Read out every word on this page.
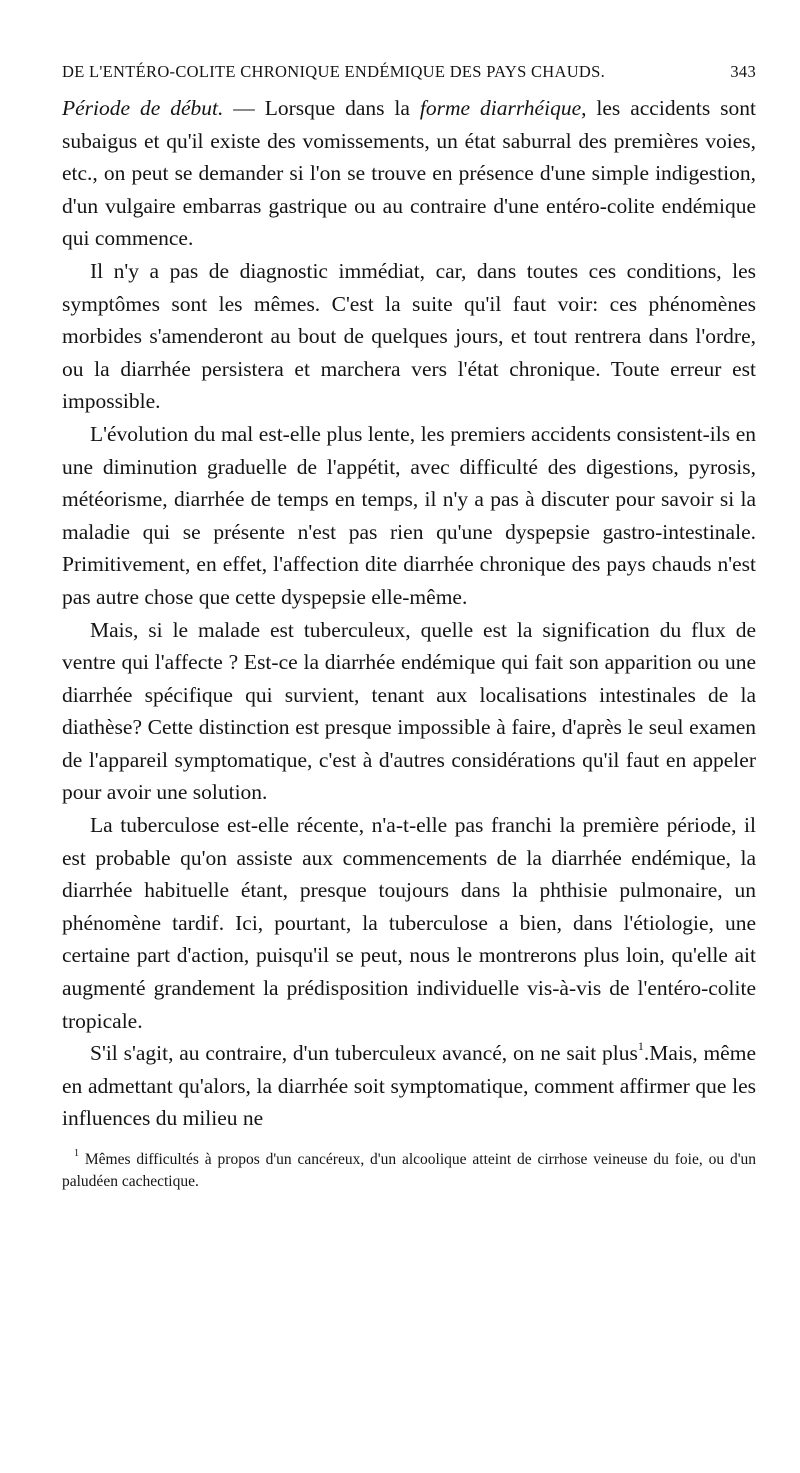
DE L'ENTÉRO-COLITE CHRONIQUE ENDÉMIQUE DES PAYS CHAUDS.	343

Période de début. — Lorsque dans la forme diarrhéique, les accidents sont subaigus et qu'il existe des vomissements, un état saburral des premières voies, etc., on peut se demander si l'on se trouve en présence d'une simple indigestion, d'un vulgaire embarras gastrique ou au contraire d'une entéro-colite endémique qui commence.

Il n'y a pas de diagnostic immédiat, car, dans toutes ces conditions, les symptômes sont les mêmes. C'est la suite qu'il faut voir: ces phénomènes morbides s'amenderont au bout de quelques jours, et tout rentrera dans l'ordre, ou la diarrhée persistera et marchera vers l'état chronique. Toute erreur est impossible.

L'évolution du mal est-elle plus lente, les premiers accidents consistent-ils en une diminution graduelle de l'appétit, avec difficulté des digestions, pyrosis, météorisme, diarrhée de temps en temps, il n'y a pas à discuter pour savoir si la maladie qui se présente n'est pas rien qu'une dyspepsie gastro-intestinale. Primitivement, en effet, l'affection dite diarrhée chronique des pays chauds n'est pas autre chose que cette dyspepsie elle-même.

Mais, si le malade est tuberculeux, quelle est la signification du flux de ventre qui l'affecte ? Est-ce la diarrhée endémique qui fait son apparition ou une diarrhée spécifique qui survient, tenant aux localisations intestinales de la diathèse? Cette distinction est presque impossible à faire, d'après le seul examen de l'appareil symptomatique, c'est à d'autres considérations qu'il faut en appeler pour avoir une solution.

La tuberculose est-elle récente, n'a-t-elle pas franchi la première période, il est probable qu'on assiste aux commencements de la diarrhée endémique, la diarrhée habituelle étant, presque toujours dans la phthisie pulmonaire, un phénomène tardif. Ici, pourtant, la tuberculose a bien, dans l'étiologie, une certaine part d'action, puisqu'il se peut, nous le montrerons plus loin, qu'elle ait augmenté grandement la prédisposition individuelle vis-à-vis de l'entéro-colite tropicale.

S'il s'agit, au contraire, d'un tuberculeux avancé, on ne sait plus$^1$.Mais, même en admettant qu'alors, la diarrhée soit symptomatique, comment affirmer que les influences du milieu ne

$^1$ Mêmes difficultés à propos d'un cancéreux, d'un alcoolique atteint de cirrhose veineuse du foie, ou d'un paludéen cachectique.
